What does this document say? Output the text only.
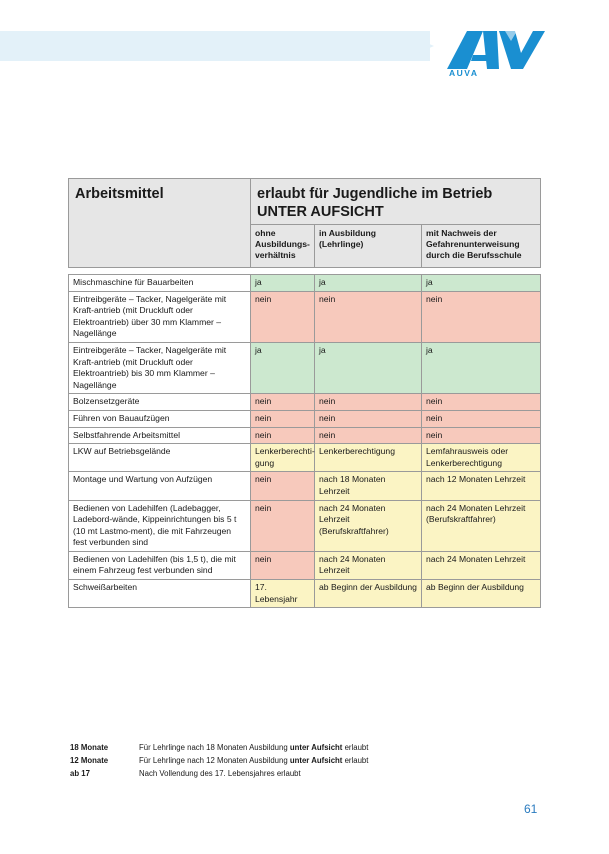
AUVA
Arbeitsmittel	erlaubt für Jugendliche im Betrieb
UNTER AUFSICHT		

	ohne Ausbildungs-verhältnis	in Ausbildung (Lehrlinge)	mit Nachweis der Gefahrenunterweisung durch die Berufsschule

Mischmaschine für Bauarbeiten	ja	ja	ja
Eintreibgeräte – Tacker, Nagelgeräte mit Kraft-antrieb (mit Druckluft oder Elektroantrieb) über 30 mm Klammer – Nagellänge	nein	nein	nein
Eintreibgeräte – Tacker, Nagelgeräte mit Kraft-antrieb (mit Druckluft oder Elektroantrieb) bis 30 mm Klammer – Nagellänge	ja	ja	ja
Bolzensetzgeräte	nein	nein	nein
Führen von Bauaufzügen	nein	nein	nein
Selbstfahrende Arbeitsmittel	nein	nein	nein
LKW auf Betriebsgelände	Lenkerberechti-gung	Lenkerberechtigung	Lemfahrausweis oder Lenkerberechtigung
Montage und Wartung von Aufzügen	nein	nach 18 Monaten Lehrzeit	nach 12 Monaten Lehrzeit
Bedienen von Ladehilfen (Ladebagger, Ladebord-wände, Kippeinrichtungen bis 5 t (10 mt Lastmo-ment), die mit Fahrzeugen fest verbunden sind	nein	nach 24 Monaten Lehrzeit (Berufskraftfahrer)	nach 24 Monaten Lehrzeit (Berufskraftfahrer)
Bedienen von Ladehilfen (bis 1,5 t), die mit einem Fahrzeug fest verbunden sind	nein	nach 24 Monaten Lehrzeit	nach 24 Monaten Lehrzeit
Schweißarbeiten	17. Lebensjahr	ab Beginn der Ausbildung	ab Beginn der Ausbildung
18 Monate	Für Lehrlinge nach 18 Monaten Ausbildung unter Aufsicht erlaubt
12 Monate	Für Lehrlinge nach 12 Monaten Ausbildung unter Aufsicht erlaubt
ab 17	Nach Vollendung des 17. Lebensjahres erlaubt
61
